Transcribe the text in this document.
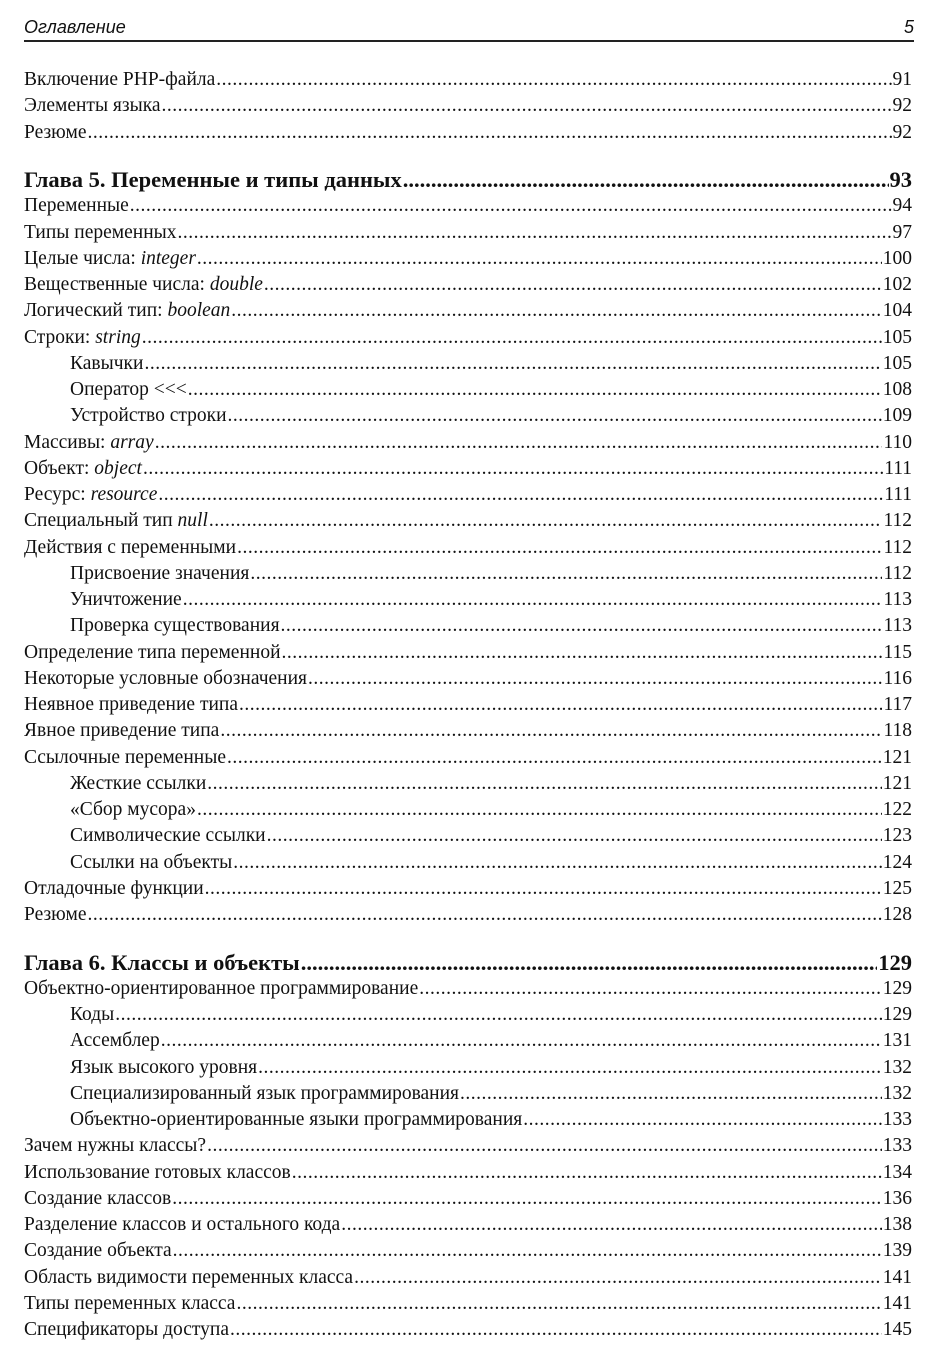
Оглавление	5
Включение PHP-файла .....	91
Элементы языка .....	92
Резюме .....	92
Глава 5. Переменные и типы данных .....	93
Переменные .....	94
Типы переменных .....	97
Целые числа: integer .....	100
Вещественные числа: double .....	102
Логический тип: boolean .....	104
Строки: string .....	105
Кавычки .....	105
Оператор <<< .....	108
Устройство строки .....	109
Массивы: array .....	110
Объект: object .....	111
Ресурс: resource .....	111
Специальный тип null .....	112
Действия с переменными .....	112
Присвоение значения .....	112
Уничтожение .....	113
Проверка существования .....	113
Определение типа переменной .....	115
Некоторые условные обозначения .....	116
Неявное приведение типа .....	117
Явное приведение типа .....	118
Ссылочные переменные .....	121
Жесткие ссылки .....	121
«Сбор мусора» .....	122
Символические ссылки .....	123
Ссылки на объекты .....	124
Отладочные функции .....	125
Резюме .....	128
Глава 6. Классы и объекты .....	129
Объектно-ориентированное программирование .....	129
Коды .....	129
Ассемблер .....	131
Язык высокого уровня .....	132
Специализированный язык программирования .....	132
Объектно-ориентированные языки программирования .....	133
Зачем нужны классы? .....	133
Использование готовых классов .....	134
Создание классов .....	136
Разделение классов и остального кода .....	138
Создание объекта .....	139
Область видимости переменных класса .....	141
Типы переменных класса .....	141
Спецификаторы доступа .....	145
